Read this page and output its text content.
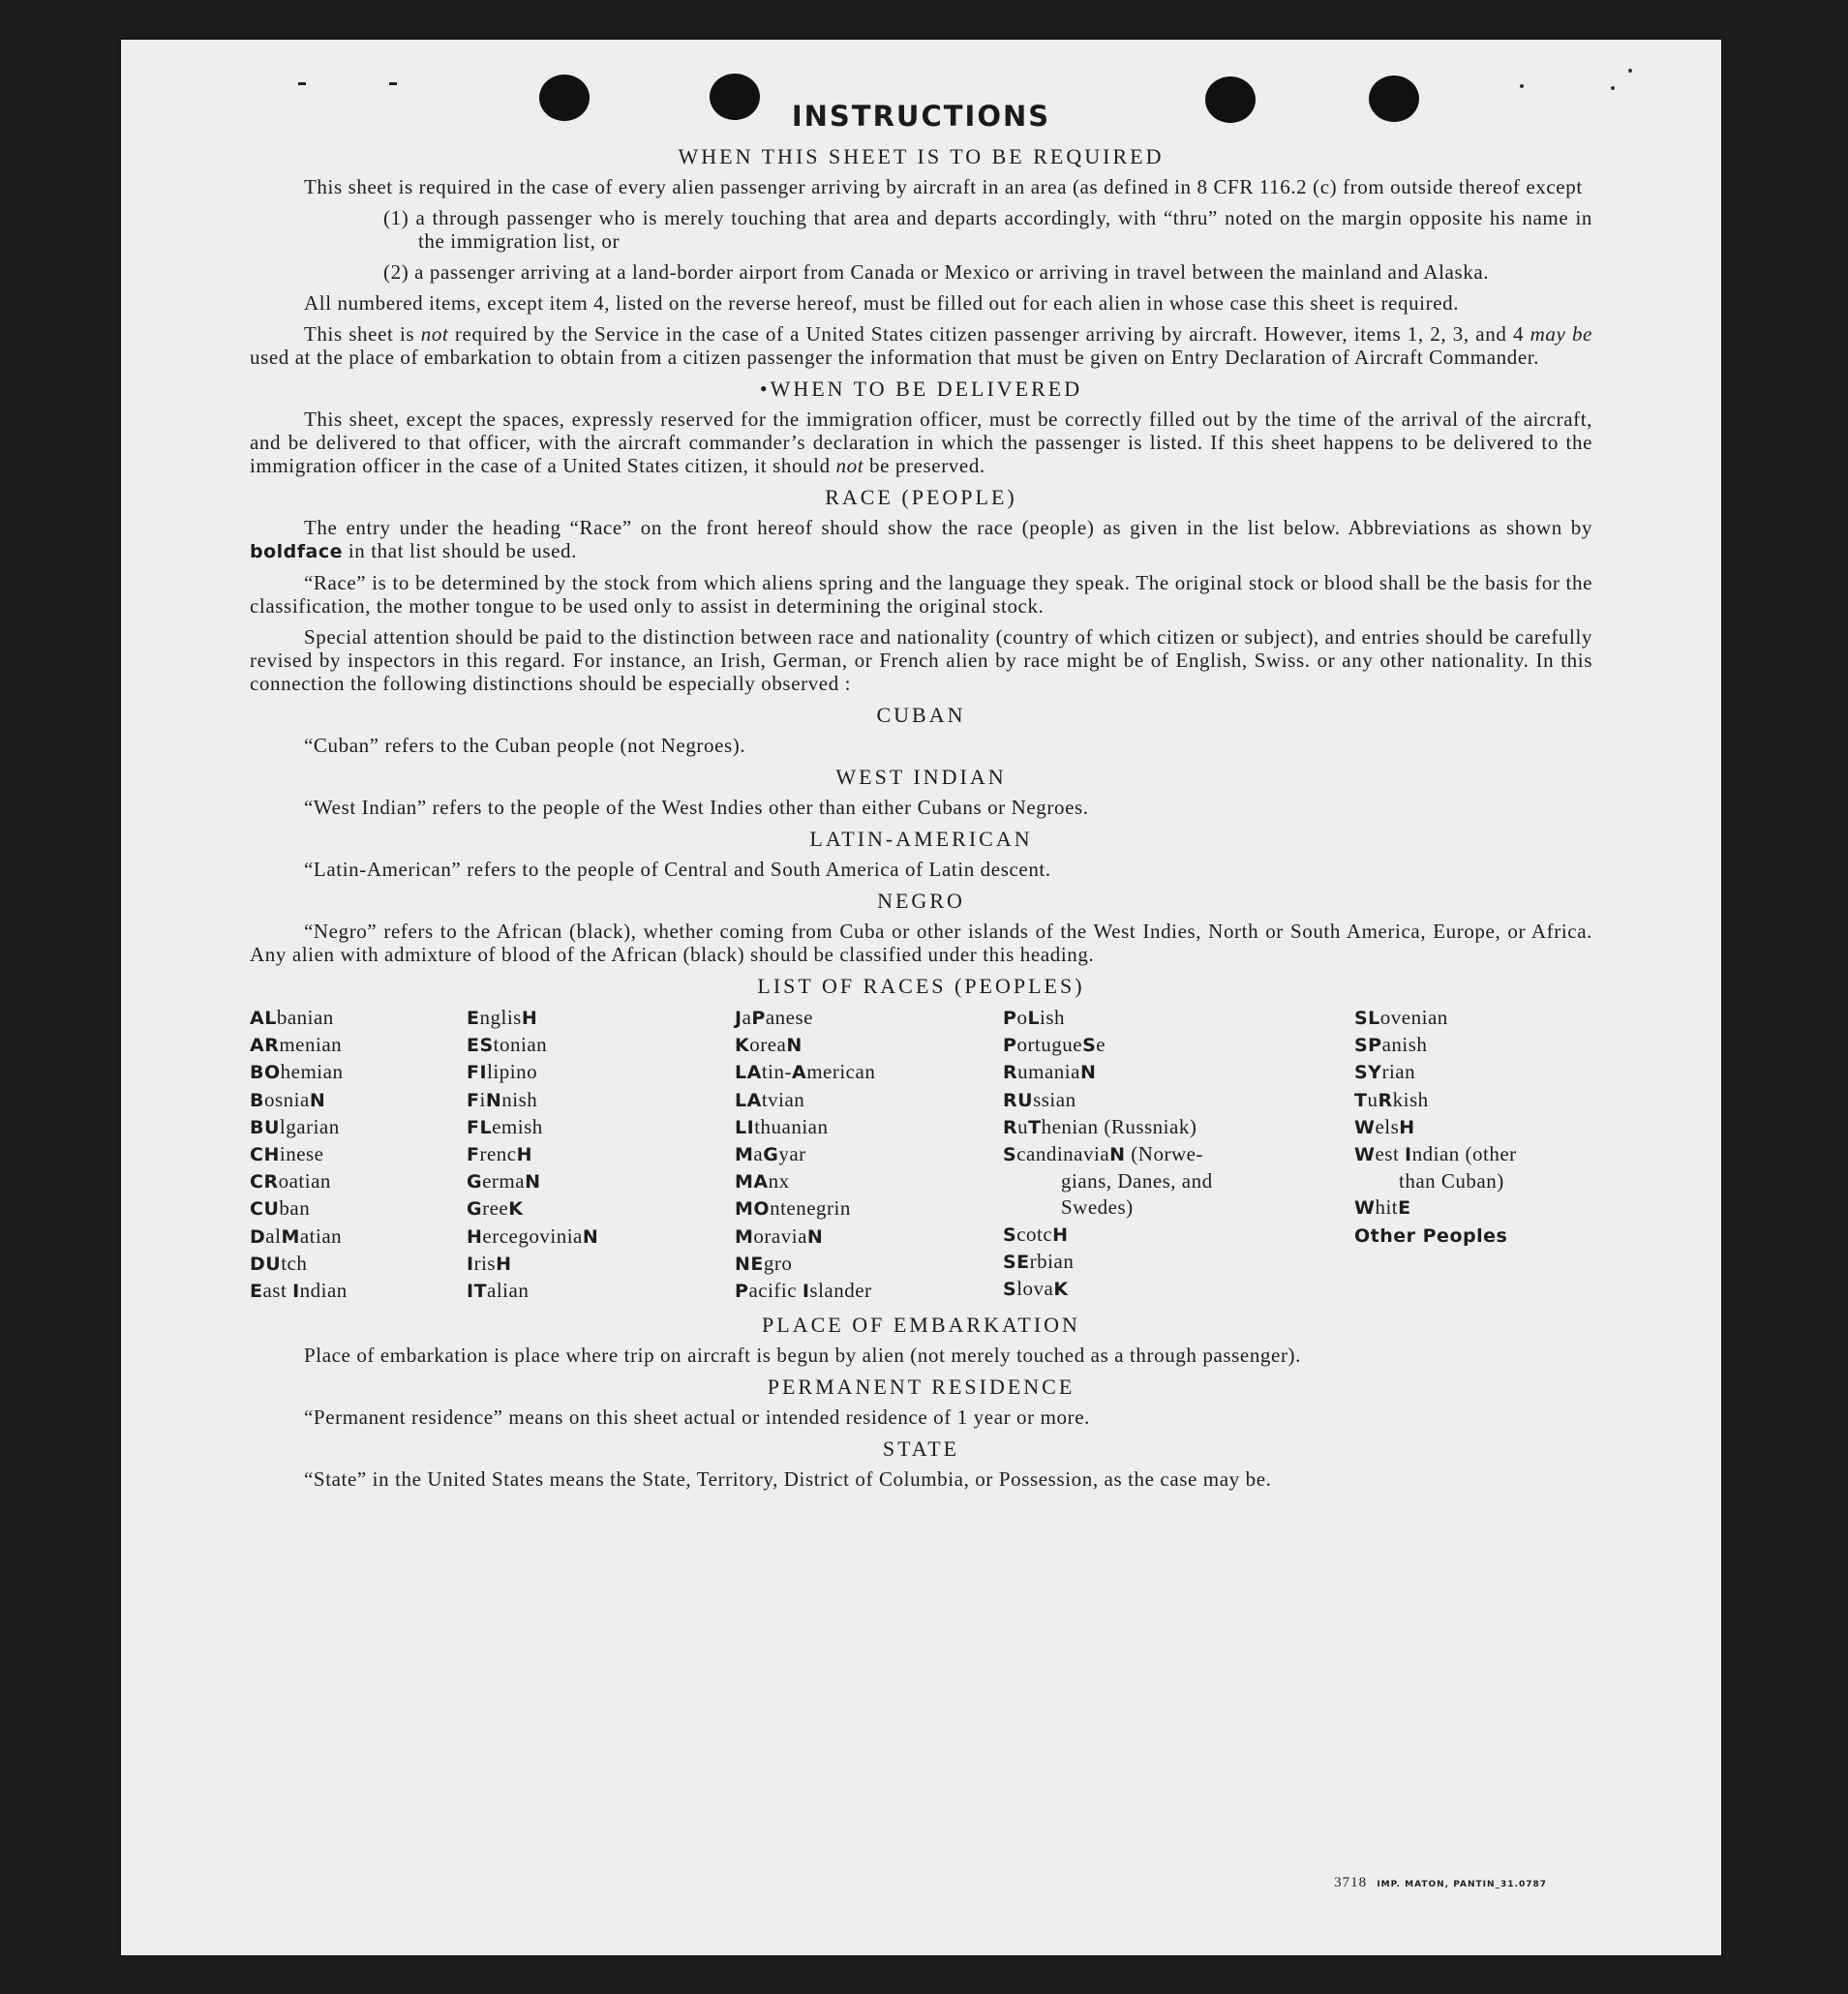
INSTRUCTIONS
WHEN THIS SHEET IS TO BE REQUIRED

This sheet is required in the case of every alien passenger arriving by aircraft in an area (as defined in 8 CFR 116.2 (c) from outside thereof except

(1) a through passenger who is merely touching that area and departs accordingly, with “thru” noted on the margin opposite his name in the immigration list, or

(2) a passenger arriving at a land-border airport from Canada or Mexico or arriving in travel between the mainland and Alaska.

All numbered items, except item 4, listed on the reverse hereof, must be filled out for each alien in whose case this sheet is required.

This sheet is not required by the Service in the case of a United States citizen passenger arriving by aircraft. However, items 1, 2, 3, and 4 may be used at the place of embarkation to obtain from a citizen passenger the information that must be given on Entry Declaration of Aircraft Commander.

•WHEN TO BE DELIVERED

This sheet, except the spaces, expressly reserved for the immigration officer, must be correctly filled out by the time of the arrival of the aircraft, and be delivered to that officer, with the aircraft commander’s declaration in which the passenger is listed. If this sheet happens to be delivered to the immigration officer in the case of a United States citizen, it should not be preserved.

RACE (PEOPLE)

The entry under the heading “Race” on the front hereof should show the race (people) as given in the list below. Abbreviations as shown by boldface in that list should be used.

“Race” is to be determined by the stock from which aliens spring and the language they speak. The original stock or blood shall be the basis for the classification, the mother tongue to be used only to assist in determining the original stock.

Special attention should be paid to the distinction between race and nationality (country of which citizen or subject), and entries should be carefully revised by inspectors in this regard. For instance, an Irish, German, or French alien by race might be of English, Swiss. or any other nationality. In this connection the following distinctions should be especially observed :

CUBAN

“Cuban” refers to the Cuban people (not Negroes).

WEST INDIAN

“West Indian” refers to the people of the West Indies other than either Cubans or Negroes.

LATIN-AMERICAN

“Latin-American” refers to the people of Central and South America of Latin descent.

NEGRO

“Negro” refers to the African (black), whether coming from Cuba or other islands of the West Indies, North or South America, Europe, or Africa. Any alien with admixture of blood of the African (black) should be classified under this heading.

LIST OF RACES (PEOPLES)
ALbanian
ARmenian
BOhemian
BosniaN
BUlgarian
CHinese
CRoatian
CUban
DalMatian
DUtch
East Indian
EnglisH
EStonian
FIlipino
FiNnish
FLemish
FrencH
GermaN
GreeK
HercegoviniaN
IrisH
ITalian
JaPanese
KoreaN
LAtin-American
LAtvian
LIthuanian
MaGyar
MAnx
MOntenegrin
MoraviaN
NEgro
Pacific Islander
PoLish
PortugueSe
RumaniaN
RUssian
RuThenian (Russniak)
ScandinaviaN (Norwe-
gians, Danes, and
Swedes)
ScotcH
SErbian
SlovaK
SLovenian
SPanish
SYrian
TuRkish
WelsH
West Indian (other
than Cuban)
WhitE
Other Peoples
PLACE OF EMBARKATION

Place of embarkation is place where trip on aircraft is begun by alien (not merely touched as a through passenger).

PERMANENT RESIDENCE

“Permanent residence” means on this sheet actual or intended residence of 1 year or more.

STATE

“State” in the United States means the State, Territory, District of Columbia, or Possession, as the case may be.

3718 IMP. MATON, PANTIN_31.0787
